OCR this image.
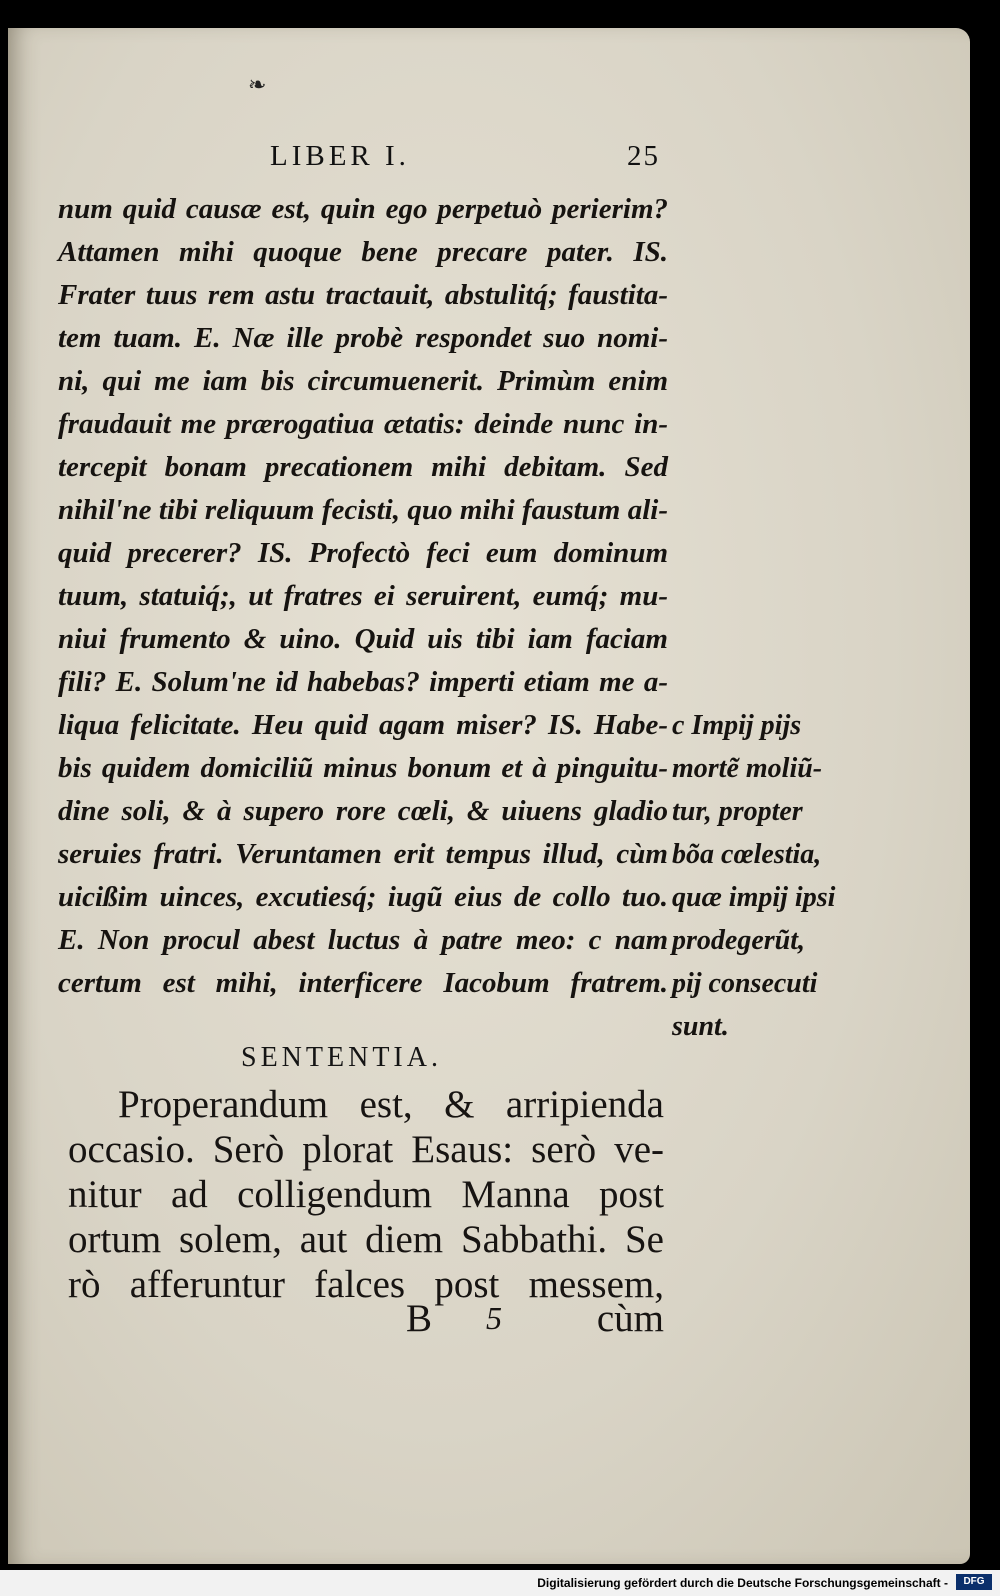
❧
LIBER I.	25
num quid causæ est, quin ego perpetuò perierim?
Attamen mihi quoque bene precare pater. IS.
Frater tuus rem astu tractauit, abstulitq́; faustita-
tem tuam. E. Næ ille probè respondet suo nomi-
ni, qui me iam bis circumuenerit. Primùm enim
fraudauit me prærogatiua ætatis: deinde nunc in-
tercepit bonam precationem mihi debitam. Sed
nihil'ne tibi reliquum fecisti, quo mihi faustum ali-
quid precerer? IS. Profectò feci eum dominum
tuum, statuiq́;, ut fratres ei seruirent, eumq́; mu-
niui frumento & uino. Quid uis tibi iam faciam
fili? E. Solum'ne id habebas? imperti etiam me a-
liqua felicitate. Heu quid agam miser? IS. Habe-
bis quidem domiciliũ minus bonum et à pinguitu-
dine soli, & à supero rore cœli, & uiuens gladio
seruies fratri. Veruntamen erit tempus illud, cùm
uicißim uinces, excutiesq́; iugũ eius de collo tuo.
E. Non procul abest luctus à patre meo: c nam
certum est mihi, interficere Iacobum fratrem.
c Impij pijs
mortẽ moliũ-
tur, propter
bõa cœlestia,
quæ impij ipsi
prodegerũt,
pij consecuti
sunt.
SENTENTIA.
Properandum est, & arripienda
occasio. Serò plorat Esaus: serò ve-
nitur ad colligendum Manna post
ortum solem, aut diem Sabbathi. Se
rò afferuntur falces post messem,
B 5 cùm
Digitalisierung gefördert durch die Deutsche Forschungsgemeinschaft -	DFG
